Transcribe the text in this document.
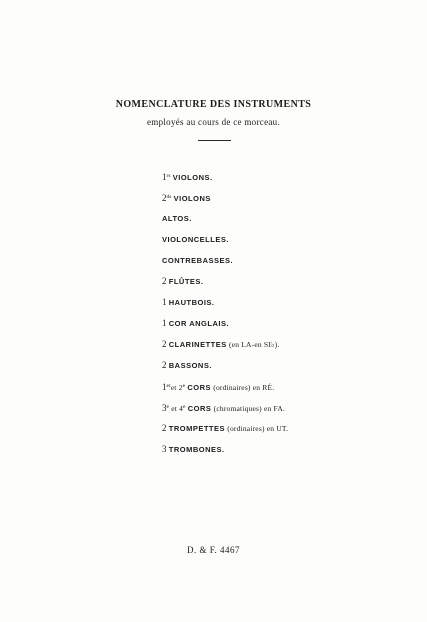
NOMENCLATURE DES INSTRUMENTS
employés au cours de ce morceau.
$1^{rs}$ VIOLONS.
$2^{ds}$ VIOLONS
ALTOS.
VIOLONCELLES.
CONTREBASSES.
2 FLÛTES.
1 HAUTBOIS.
1 COR ANGLAIS.
2 CLARINETTES (en LA-en SI♭).
2 BASSONS.
1eret 2e CORS (ordinaires) en RÉ.
3e et 4e CORS (chromatiques) en FA.
2 TROMPETTES (ordinaires) en UT.
3 TROMBONES.
D. & F. 4467
